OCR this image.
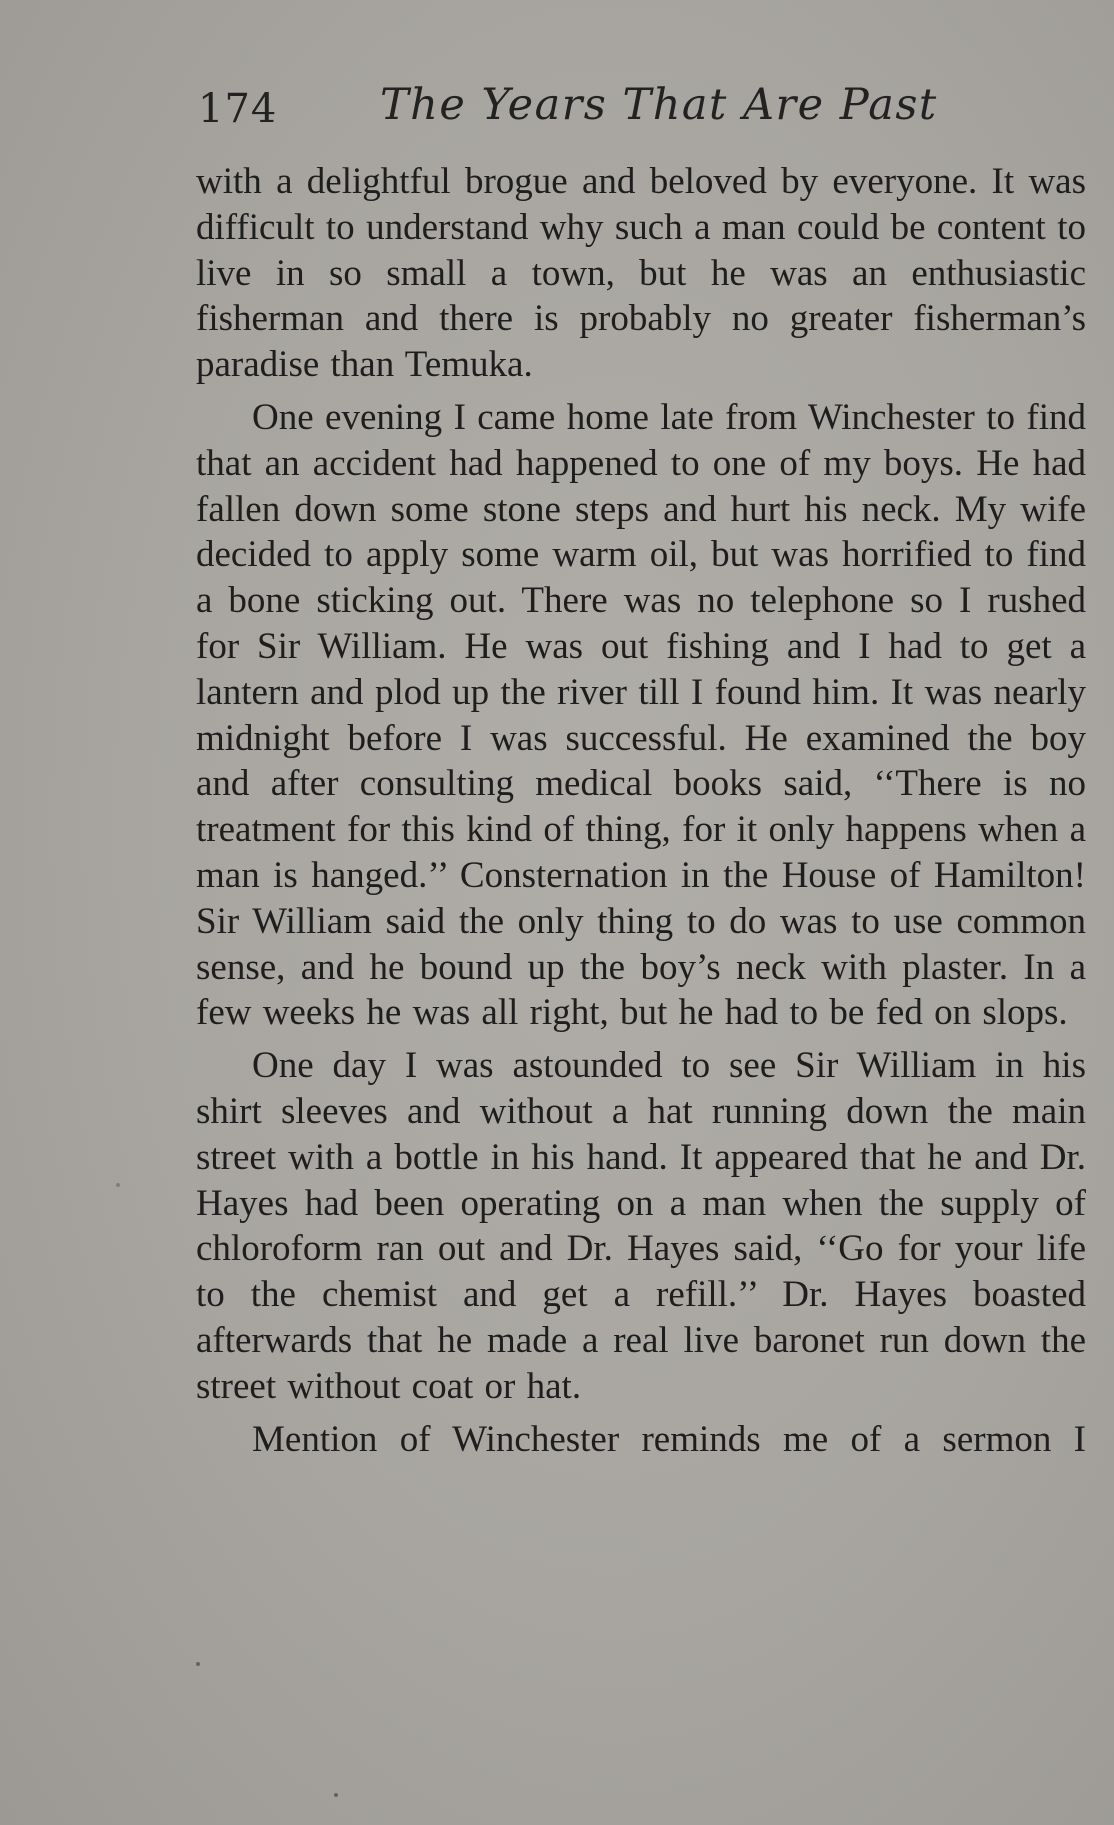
174 The Years That Are Past

with a delightful brogue and beloved by everyone. It was difficult to understand why such a man could be content to live in so small a town, but he was an enthusiastic fisherman and there is probably no greater fisherman’s paradise than Temuka.

One evening I came home late from Winchester to find that an accident had happened to one of my boys. He had fallen down some stone steps and hurt his neck. My wife decided to apply some warm oil, but was horrified to find a bone sticking out. There was no telephone so I rushed for Sir William. He was out fishing and I had to get a lantern and plod up the river till I found him. It was nearly midnight before I was successful. He examined the boy and after consulting medical books said, ‘‘There is no treatment for this kind of thing, for it only happens when a man is hanged.’’ Consternation in the House of Hamilton! Sir William said the only thing to do was to use common sense, and he bound up the boy’s neck with plaster. In a few weeks he was all right, but he had to be fed on slops.

One day I was astounded to see Sir William in his shirt sleeves and without a hat running down the main street with a bottle in his hand. It appeared that he and Dr. Hayes had been operating on a man when the supply of chloroform ran out and Dr. Hayes said, ‘‘Go for your life to the chemist and get a refill.’’ Dr. Hayes boasted afterwards that he made a real live baronet run down the street without coat or hat.

Mention of Winchester reminds me of a sermon I
